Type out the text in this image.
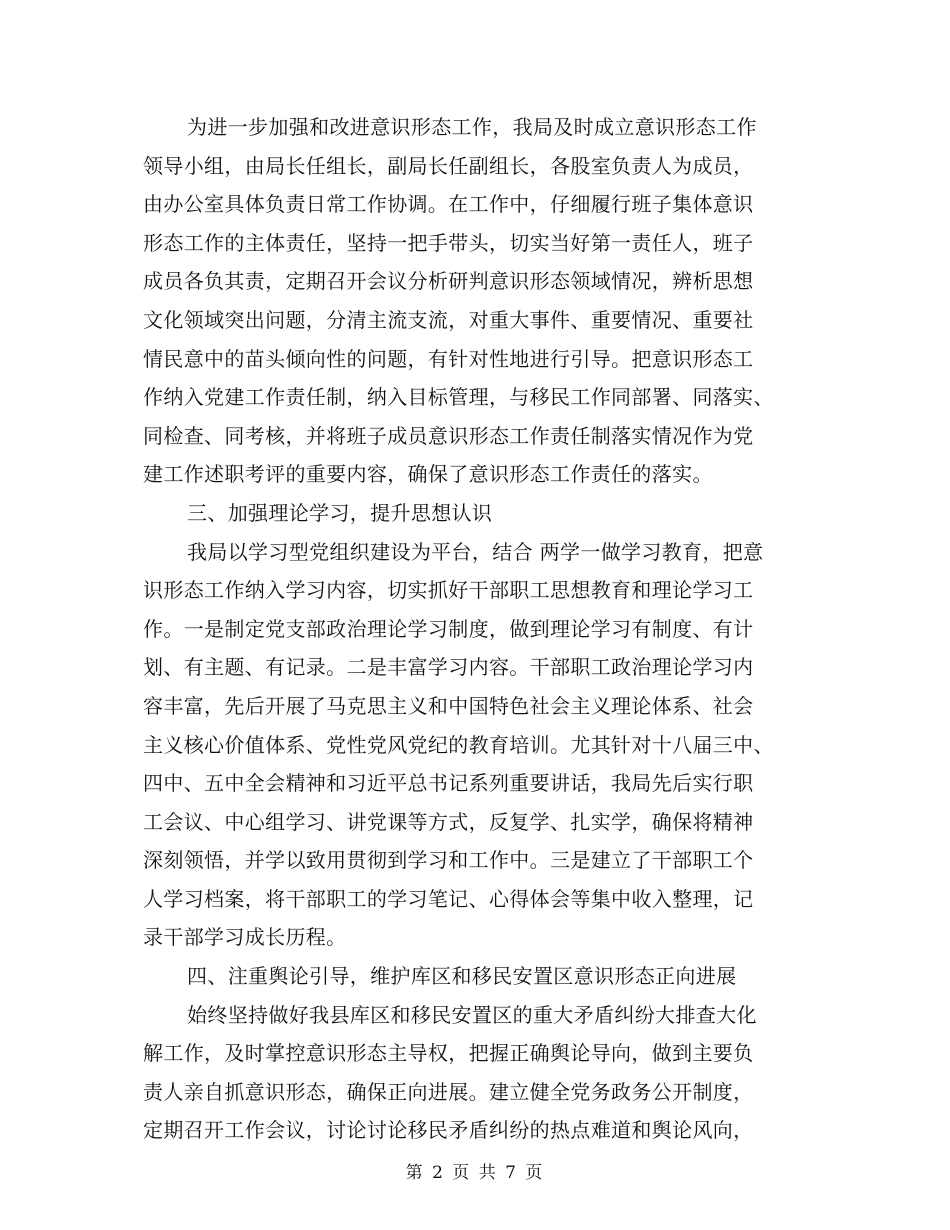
为进一步加强和改进意识形态工作，我局及时成立意识形态工作
领导小组，由局长任组长，副局长任副组长，各股室负责人为成员，
由办公室具体负责日常工作协调。在工作中，仔细履行班子集体意识
形态工作的主体责任，坚持一把手带头，切实当好第一责任人，班子
成员各负其责，定期召开会议分析研判意识形态领域情况，辨析思想
文化领域突出问题，分清主流支流，对重大事件、重要情况、重要社
情民意中的苗头倾向性的问题，有针对性地进行引导。把意识形态工
作纳入党建工作责任制，纳入目标管理，与移民工作同部署、同落实、
同检查、同考核，并将班子成员意识形态工作责任制落实情况作为党
建工作述职考评的重要内容，确保了意识形态工作责任的落实。
三、加强理论学习，提升思想认识
我局以学习型党组织建设为平台，结合 两学一做学习教育，把意
识形态工作纳入学习内容，切实抓好干部职工思想教育和理论学习工
作。一是制定党支部政治理论学习制度，做到理论学习有制度、有计
划、有主题、有记录。二是丰富学习内容。干部职工政治理论学习内
容丰富，先后开展了马克思主义和中国特色社会主义理论体系、社会
主义核心价值体系、党性党风党纪的教育培训。尤其针对十八届三中、
四中、五中全会精神和习近平总书记系列重要讲话，我局先后实行职
工会议、中心组学习、讲党课等方式，反复学、扎实学，确保将精神
深刻领悟，并学以致用贯彻到学习和工作中。三是建立了干部职工个
人学习档案，将干部职工的学习笔记、心得体会等集中收入整理，记
录干部学习成长历程。
四、注重舆论引导，维护库区和移民安置区意识形态正向进展
始终坚持做好我县库区和移民安置区的重大矛盾纠纷大排查大化
解工作，及时掌控意识形态主导权，把握正确舆论导向，做到主要负
责人亲自抓意识形态，确保正向进展。建立健全党务政务公开制度，
定期召开工作会议，讨论讨论移民矛盾纠纷的热点难道和舆论风向，
第 2 页 共 7 页
